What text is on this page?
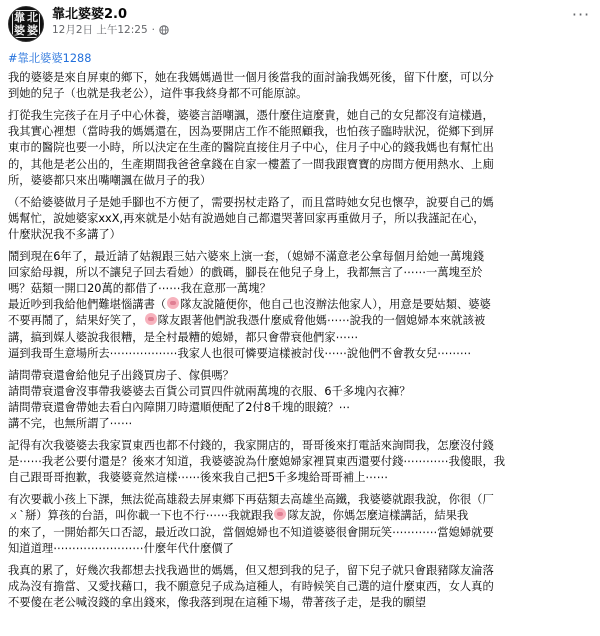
靠 北
婆 婆
靠北婆婆2.0
12月2日 上午12:25 ·
···
#靠北婆婆1288
我的婆婆是來自屏東的鄉下，她在我媽媽過世一個月後當我的面討論我媽死後，留下什麼，可以分
到她的兒子（也就是我老公），這件事我終身都不可能原諒。
打從我生完孩子在月子中心休養，婆婆言語嘲諷，憑什麼住這麼貴，她自己的女兒都沒有這樣過，
我其實心裡想（當時我的媽媽還在，因為要開店工作不能照顧我，也怕孩子臨時狀況，從鄉下到屏
東市的醫院也要一小時，所以決定在生產的醫院直接住月子中心，住月子中心的錢我媽也有幫忙出
的，其他是老公出的，生產期間我爸爸拿錢在自家一樓蓋了一間我跟寶寶的房間方便用熱水、上廁
所，婆婆都只來出嘴嘲諷在做月子的我）
（不給婆婆做月子是她手腳也不方便了，需要拐杖走路了，而且當時她女兒也懷孕，說要自己的媽
媽幫忙，說她婆家xxX,再來就是小姑有說過她自己都還哭著回家再重做月子，所以我謹記在心，
什麼狀況我不多講了）
鬧到現在6年了，最近請了姑親跟三姑六婆來上演一套，（媳婦不滿意老公拿每個月給她一萬塊錢
回家給母親，所以不讓兒子回去看她）的戲碼，腳長在他兒子身上，我都無言了⋯⋯一萬塊至於
嗎？菇類一開口20萬的都借了⋯⋯我在意那一萬塊？
最近吵到我給他們難堪惱講書（ 隊友說隨便你，他自己也沒辦法他家人），用意是要姑類、婆婆
不要再鬧了，結果好笑了， 隊友跟著他們說我憑什麼威脅他媽⋯⋯說我的一個媳婦本來就該被
講，搞到媒人婆說我很糟，是全村最糟的媳婦，都只會帶衰他們家⋯⋯
逼到我哥生意場所去⋯⋯⋯⋯⋯⋯我家人也很可憐要這樣被討伐⋯⋯說他們不會教女兒⋯⋯⋯
請問帶衰還會給他兒子出錢買房子、傢俱嗎？
請問帶衰還會沒事帶我婆婆去百貨公司買四件就兩萬塊的衣服、6千多塊內衣褲？
請問帶衰還會帶她去看白內障開刀時還順便配了2付8千塊的眼鏡？⋯
講不完，也無所謂了⋯⋯
記得有次我婆婆去我家買東西也都不付錢的，我家開店的，哥哥後來打電話來詢問我，怎麼沒付錢
是⋯⋯我老公要付還是？後來才知道，我婆婆說為什麼媳婦家裡買東西還要付錢⋯⋯⋯⋯我傻眼，我
自己跟哥哥抱歉，我婆婆竟然這樣⋯⋯後來我自己把5千多塊給哥哥補上⋯⋯
有次要載小孩上下課，無法從高雄殺去屏東鄉下再菇類去高雄坐高鐵，我婆婆就跟我說，你很（厂
ㄨ`掰）算孩的台語，叫你載一下也不行⋯⋯我就跟我 隊友說，你媽怎麼這樣講話，結果我
的來了，一開始都矢口否認，最近改口說，當個媳婦也不知道婆婆很會開玩笑⋯⋯⋯⋯當媳婦就要
知道道理⋯⋯⋯⋯⋯⋯⋯⋯什麼年代什麼價了
我真的累了，好幾次我都想去找我過世的媽媽，但又想到我的兒子，留下兒子就只會跟豬隊友淪落
成為沒有擔當、又愛找藉口，我不願意兒子成為這種人，有時候笑自己選的這什麼東西，女人真的
不要傻在老公喊沒錢的拿出錢來，像我落到現在這種下場，帶著孩子走，是我的願望
